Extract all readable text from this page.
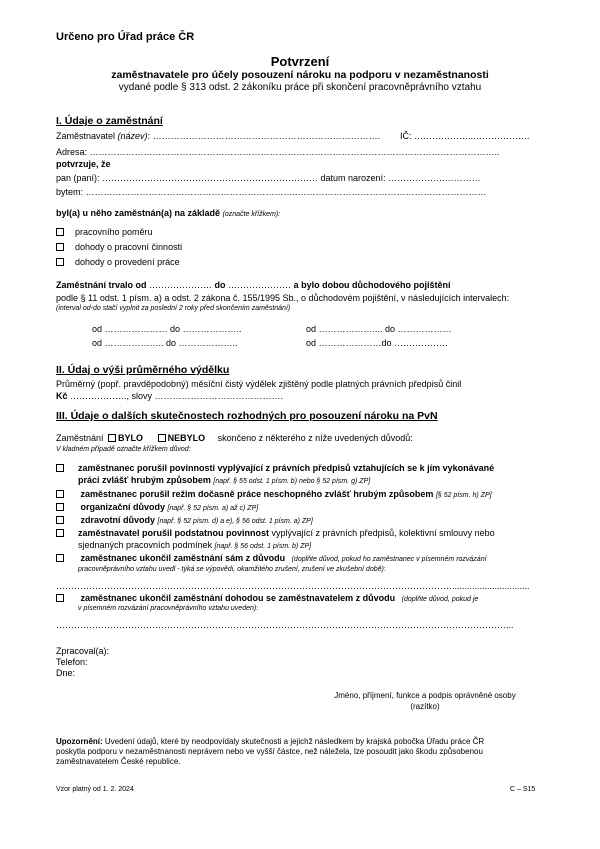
Určeno pro Úřad práce ČR
Potvrzení
zaměstnavatele pro účely posouzení nároku na podporu v nezaměstnanosti
vydané podle § 313 odst. 2 zákoníku práce při skončení pracovněprávního vztahu
I. Údaje o zaměstnání
Zaměstnavatel (název): …………………………………………………………………. IČ: ………………..……………….
Adresa: ………………………………………………………………………………………………………………………..
potvrzuje, že
pan (paní): ……………………………………………………………… datum narození: ……………….…………
bytem: ……………………………………………………………..………………………………………………………
byl(a) u něho zaměstnán(a) na základě (označte křížkem):
pracovního poměru
dohody o pracovní činnosti
dohody o provedení práce
Zaměstnání trvalo od ………………… do ………………… a bylo dobou důchodového pojištění
podle § 11 odst. 1 písm. a) a odst. 2 zákona č. 155/1995 Sb., o důchodovém pojištění, v následujících intervalech:
(interval od-do stačí vyplnit za poslední 2 roky před skončením zaměstnání)
od ………………… do ………………..	od ……………….... do ………………
od ……………….. do ………………..	od …………………do ………………
II. Údaj o výši průměrného výdělku
Průměrný (popř. pravděpodobný) měsíční čistý výdělek zjištěný podle platných právních předpisů činil
Kč ………………., slovy …………………………………….
III. Údaje o dalších skutečnostech rozhodných pro posouzení nároku na PvN
Zaměstnání BYLO	NEBYLO skončeno z některého z níže uvedených důvodů:
V kladném případě označte křížkem důvod:
zaměstnanec porušil povinnosti vyplývající z právních předpisů vztahujících se k jím vykonávané
práci zvlášť hrubým způsobem [např. § 55 odst. 1 písm. b) nebo § 52 písm. g) ZP]
zaměstnanec porušil režim dočasně práce neschopného zvlášť hrubým způsobem [§ 52 písm. h) ZP]
organizační důvody [např. § 52 písm. a) až c) ZP]
zdravotní důvody [např. § 52 písm. d) a e), § 56 odst. 1 písm. a) ZP]
zaměstnavatel porušil podstatnou povinnost vyplývající z právních předpisů, kolektivní smlouvy nebo
sjednaných pracovních podmínek [např. § 56 odst. 1 písm. b) ZP]
zaměstnanec ukončil zaměstnání sám z důvodu (doplňte důvod, pokud ho zaměstnanec v písemném rozvázání
pracovněprávního vztahu uvedl - týká se výpovědi, okamžitého zrušení, zrušení ve zkušební době):
……………………………………………………………………………………………………………………...............................
zaměstnanec ukončil zaměstnání dohodou se zaměstnavatelem z důvodu (doplňte důvod, pokud je
v písemném rozvázání pracovněprávního vztahu uveden):
……………………………………………………………………………………………………………………………………...
Zpracoval(a):
Telefon:
Dne:
Jméno, příjmení, funkce a podpis oprávněné osoby
(razítko)
Upozornění: Uvedení údajů, které by neodpovídaly skutečnosti a jejichž následkem by krajská pobočka Úřadu práce ČR
poskytla podporu v nezaměstnanosti neprávem nebo ve vyšší částce, než náležela, lze posoudit jako škodu způsobenou
zaměstnavatelem České republice.
Vzor platný od 1. 2. 2024	C – S15
